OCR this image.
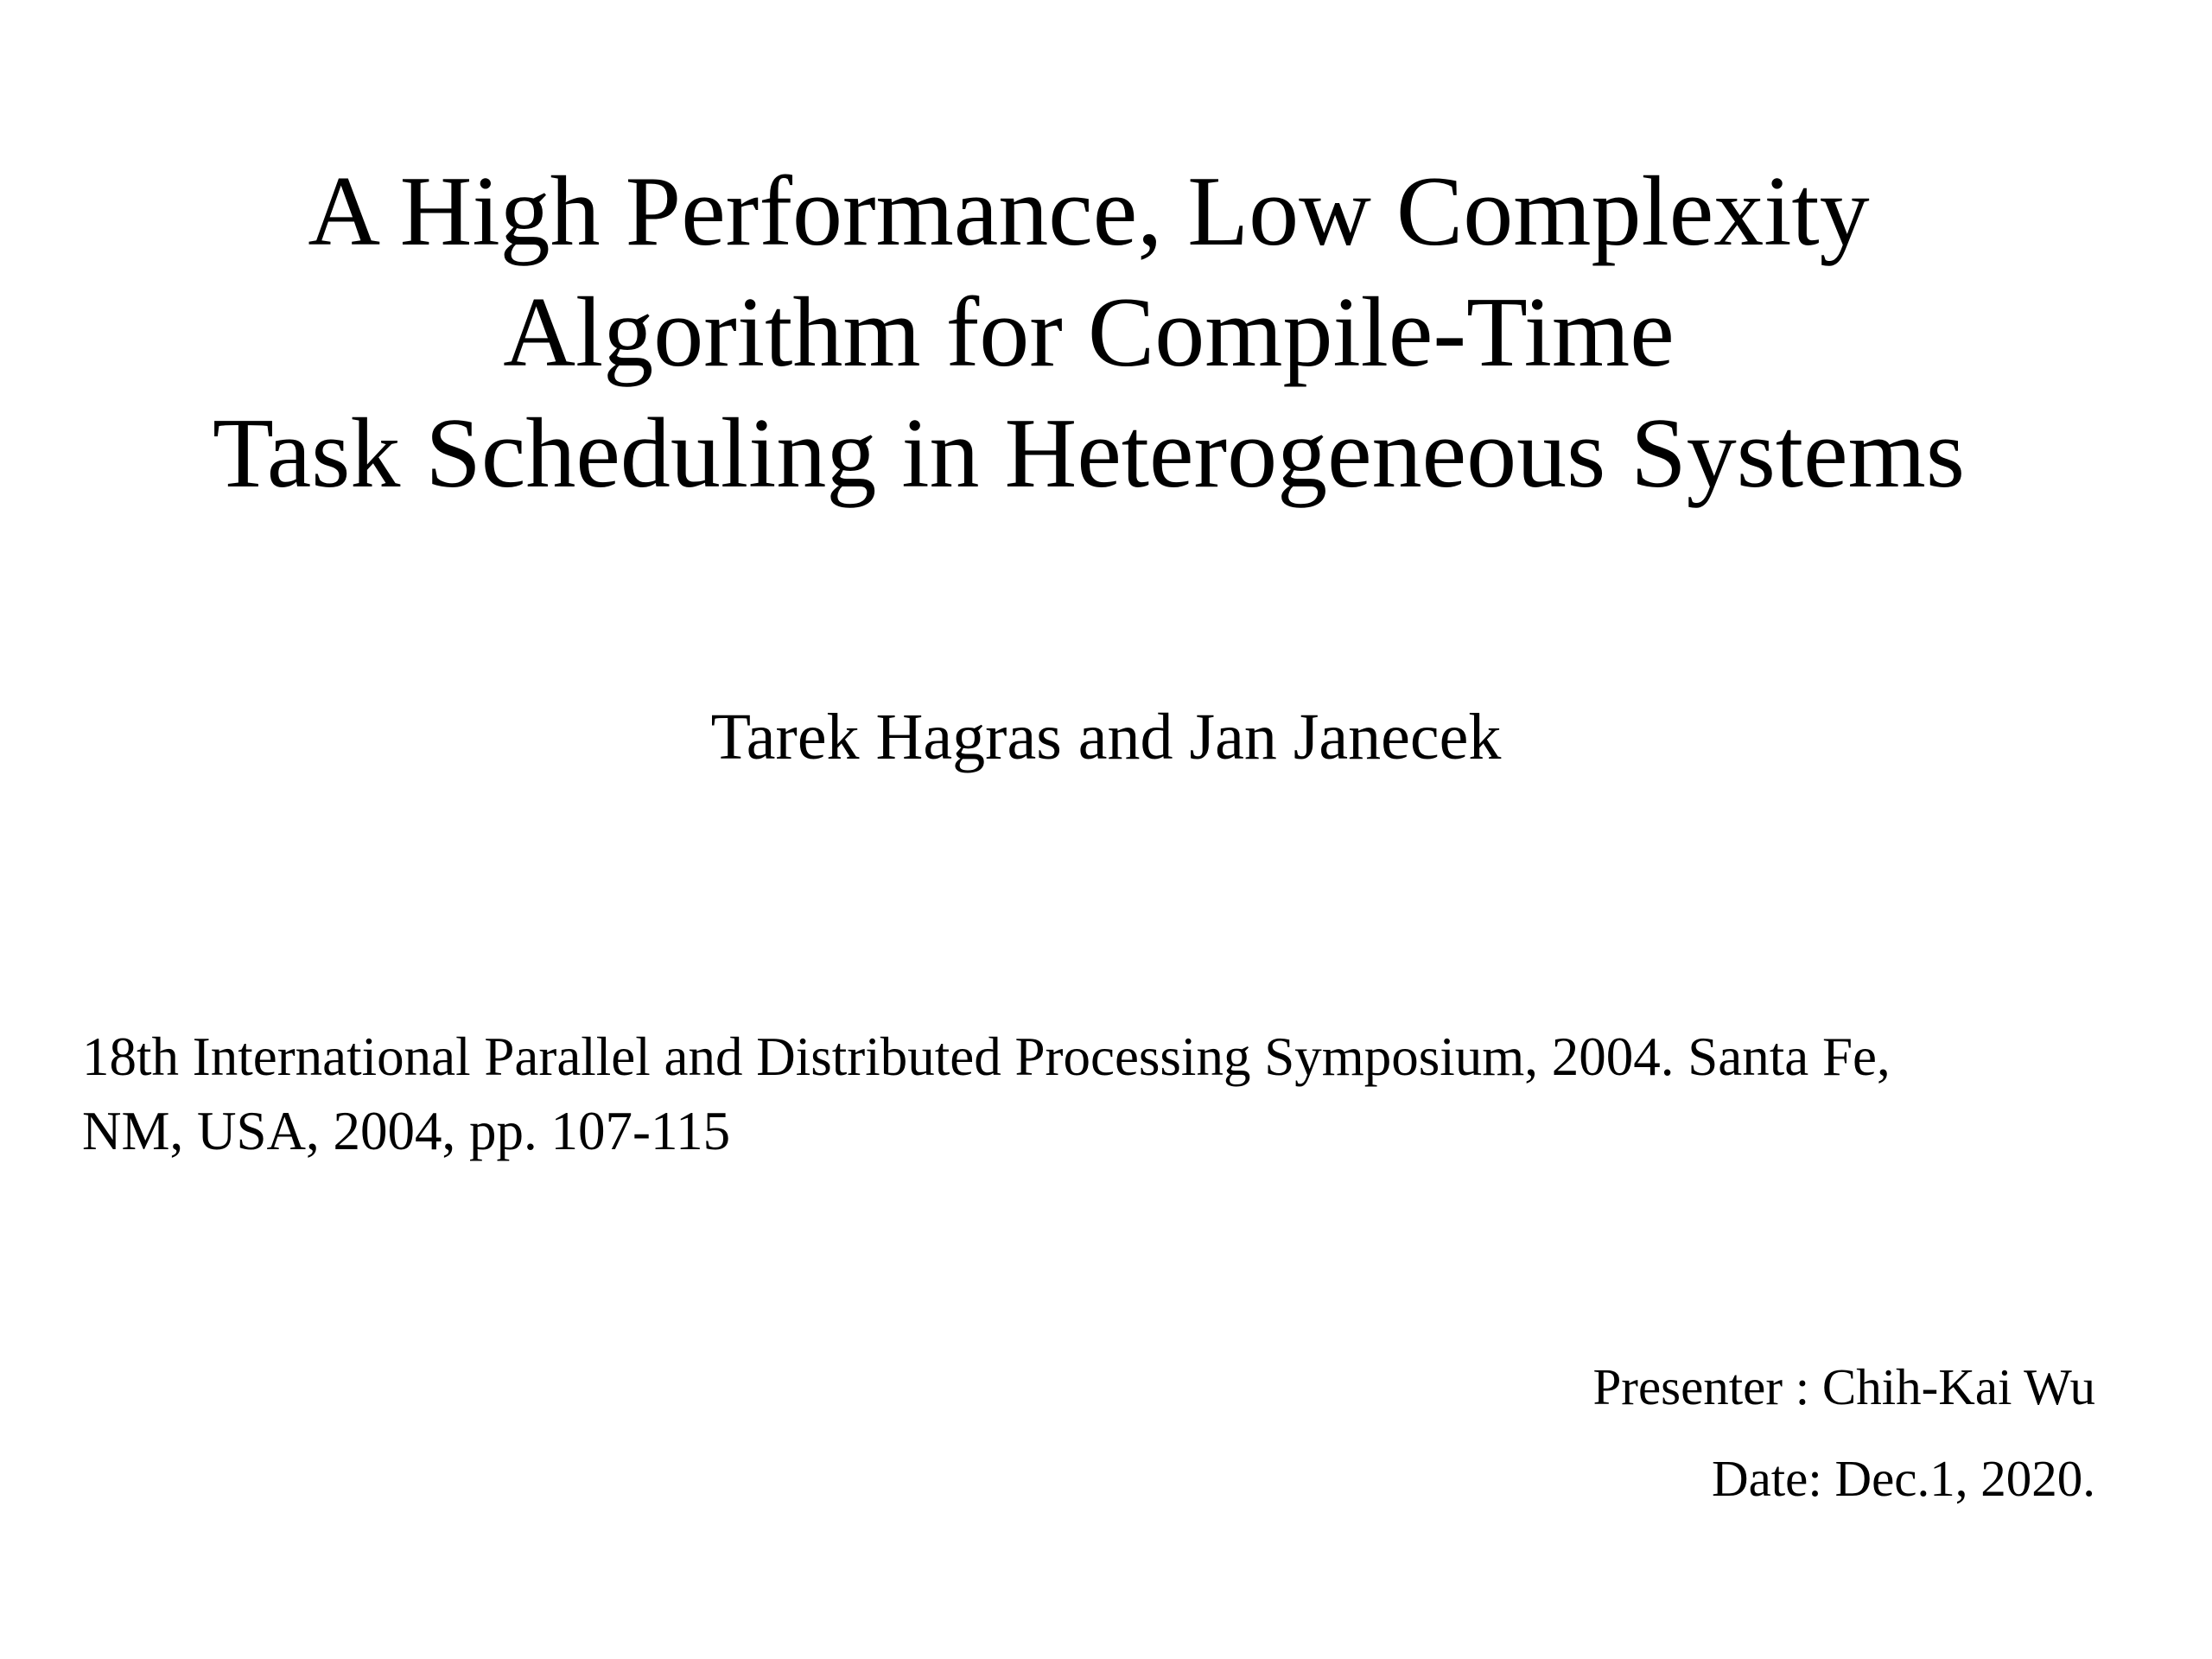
A High Performance, Low Complexity
Algorithm for Compile-Time
Task Scheduling in Heterogeneous Systems
Tarek Hagras and Jan Janecek
18th International Parallel and Distributed Processing Symposium, 2004. Santa Fe,
NM, USA, 2004, pp. 107-115
Presenter : Chih-Kai Wu
Date: Dec.1, 2020.
